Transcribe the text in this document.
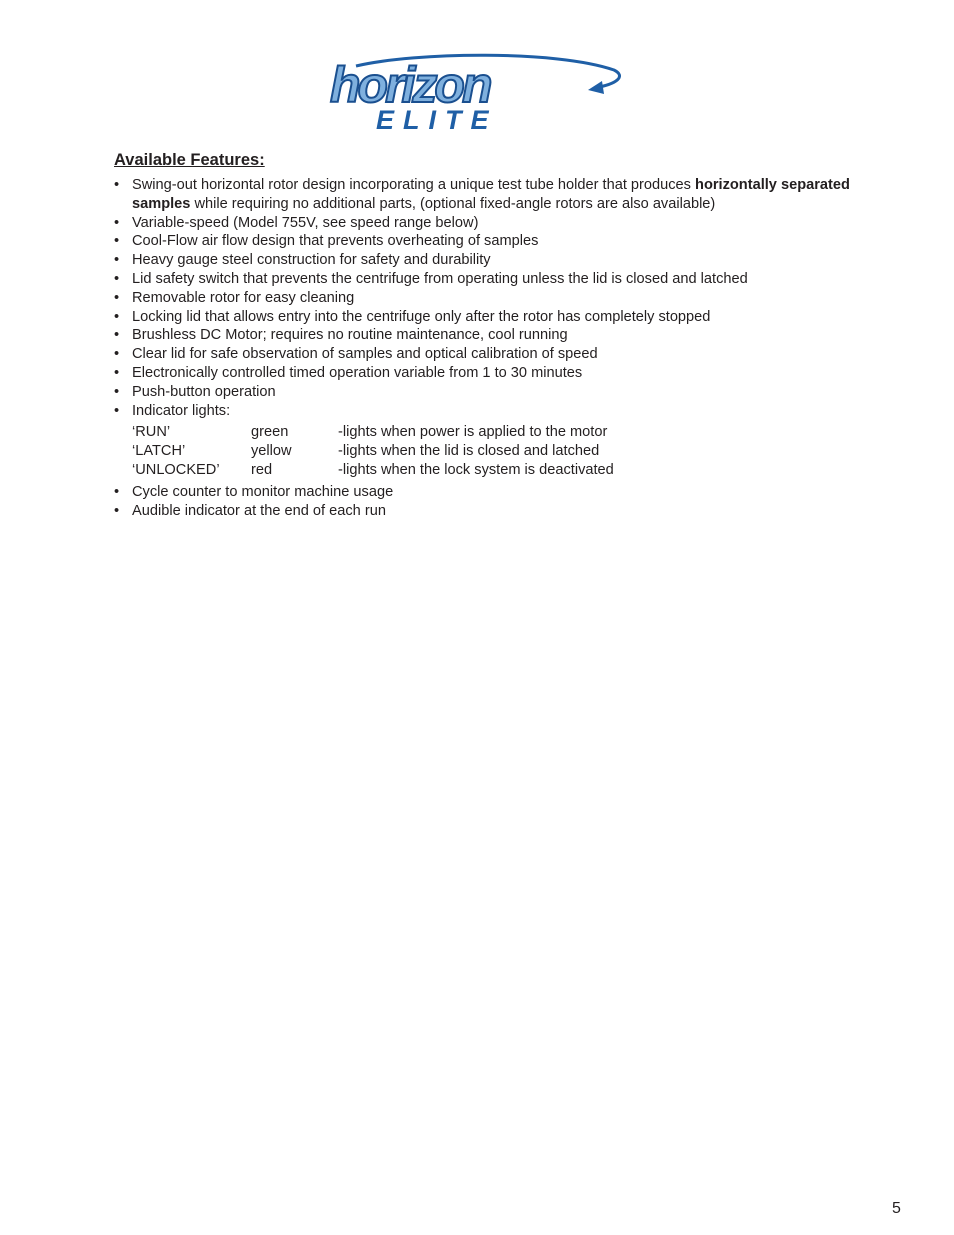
horizon
ELITE
Available Features:
• Swing-out horizontal rotor design incorporating a unique test tube holder that produces horizontally separated samples while requiring no additional parts, (optional fixed-angle rotors are also available)
• Variable-speed (Model 755V, see speed range below)
• Cool-Flow air flow design that prevents overheating of samples
• Heavy gauge steel construction for safety and durability
• Lid safety switch that prevents the centrifuge from operating unless the lid is closed and latched
• Removable rotor for easy cleaning
• Locking lid that allows entry into the centrifuge only after the rotor has completely stopped
• Brushless DC Motor; requires no routine maintenance, cool running
• Clear lid for safe observation of samples and optical calibration of speed
• Electronically controlled timed operation variable from 1 to 30 minutes
• Push-button operation
• Indicator lights:
‘RUN’	green	-lights when power is applied to the motor
‘LATCH’	yellow	-lights when the lid is closed and latched
‘UNLOCKED’	red	-lights when the lock system is deactivated
• Cycle counter to monitor machine usage
• Audible indicator at the end of each run
5
